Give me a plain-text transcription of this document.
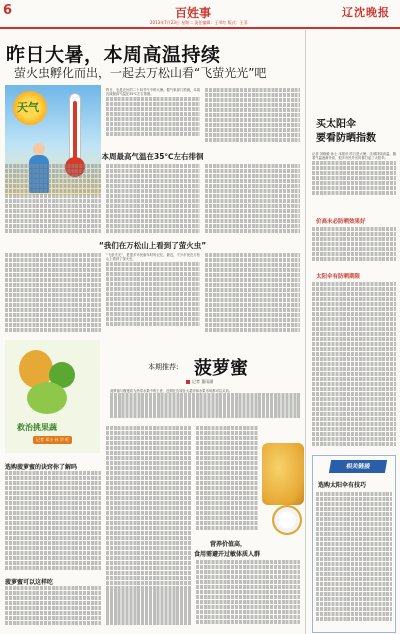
6	百姓事
2013年7月23日 星期二 责任编辑：王翠红 版式：王菲
辽沈晚报
昨日大暑，本周高温持续
萤火虫孵化而出，一起去万松山看“飞萤光光”吧
天气
昨日，也是农历的二十四节气中的大暑。据气象部门预测，本周沈城最高气温在35℃左右徘徊。
本周最高气温在35℃左右徘徊
“我们在万松山上看到了萤火虫”
“飞萤光光”，是很多市民童年时的记忆。最近，不少市民在万松山上看到了萤火虫。
救治挑果蔬
记者 邓小 孙 学 旺
本期推荐: 菠萝蜜
记者 董雨涵
菠萝蜜与榴莲同为热带水果中的王者，近期在沈城各大超市和水果市场都可以买到。
选购菠萝蜜的诀窍你了解吗
菠萝蜜可以这样吃
营养价值高，
食用需避开过敏体质人群
买太阳伞
要看防晒指数
记者 刘晓敏 孙士 本报讯 昨日是大暑，沈城持续高温。随着气温逐渐升高，很多市民外出时都打起了太阳伞。
价高未必防晒效果好
太阳伞有防晒期限
相关链接
选购太阳伞有技巧
